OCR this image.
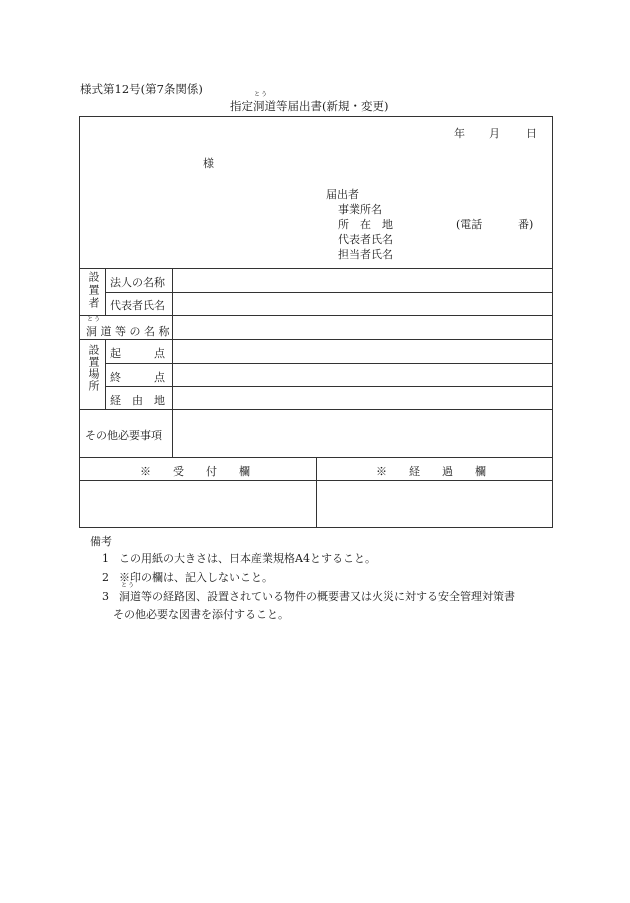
様式第12号(第7条関係)
指定
とう
洞道等届出書(新規・変更)
年 月 日
様
届出者
事業所名
所　在　地	(電話	番)
代表者氏名
担当者氏名
設置者 法人の名称
代表者氏名
とう
洞 道 等 の 名 称
設置場所 起　　　点
終　　　点
経　由　地
その他必要事項
※　　受　　付　　欄	※　　経　　過　　欄
備考
1 この用紙の大きさは、日本産業規格A4とすること。
2 ※印の欄は、記入しないこと。
とう
3 洞道等の経路図、設置されている物件の概要書又は火災に対する安全管理対策書
その他必要な図書を添付すること。
